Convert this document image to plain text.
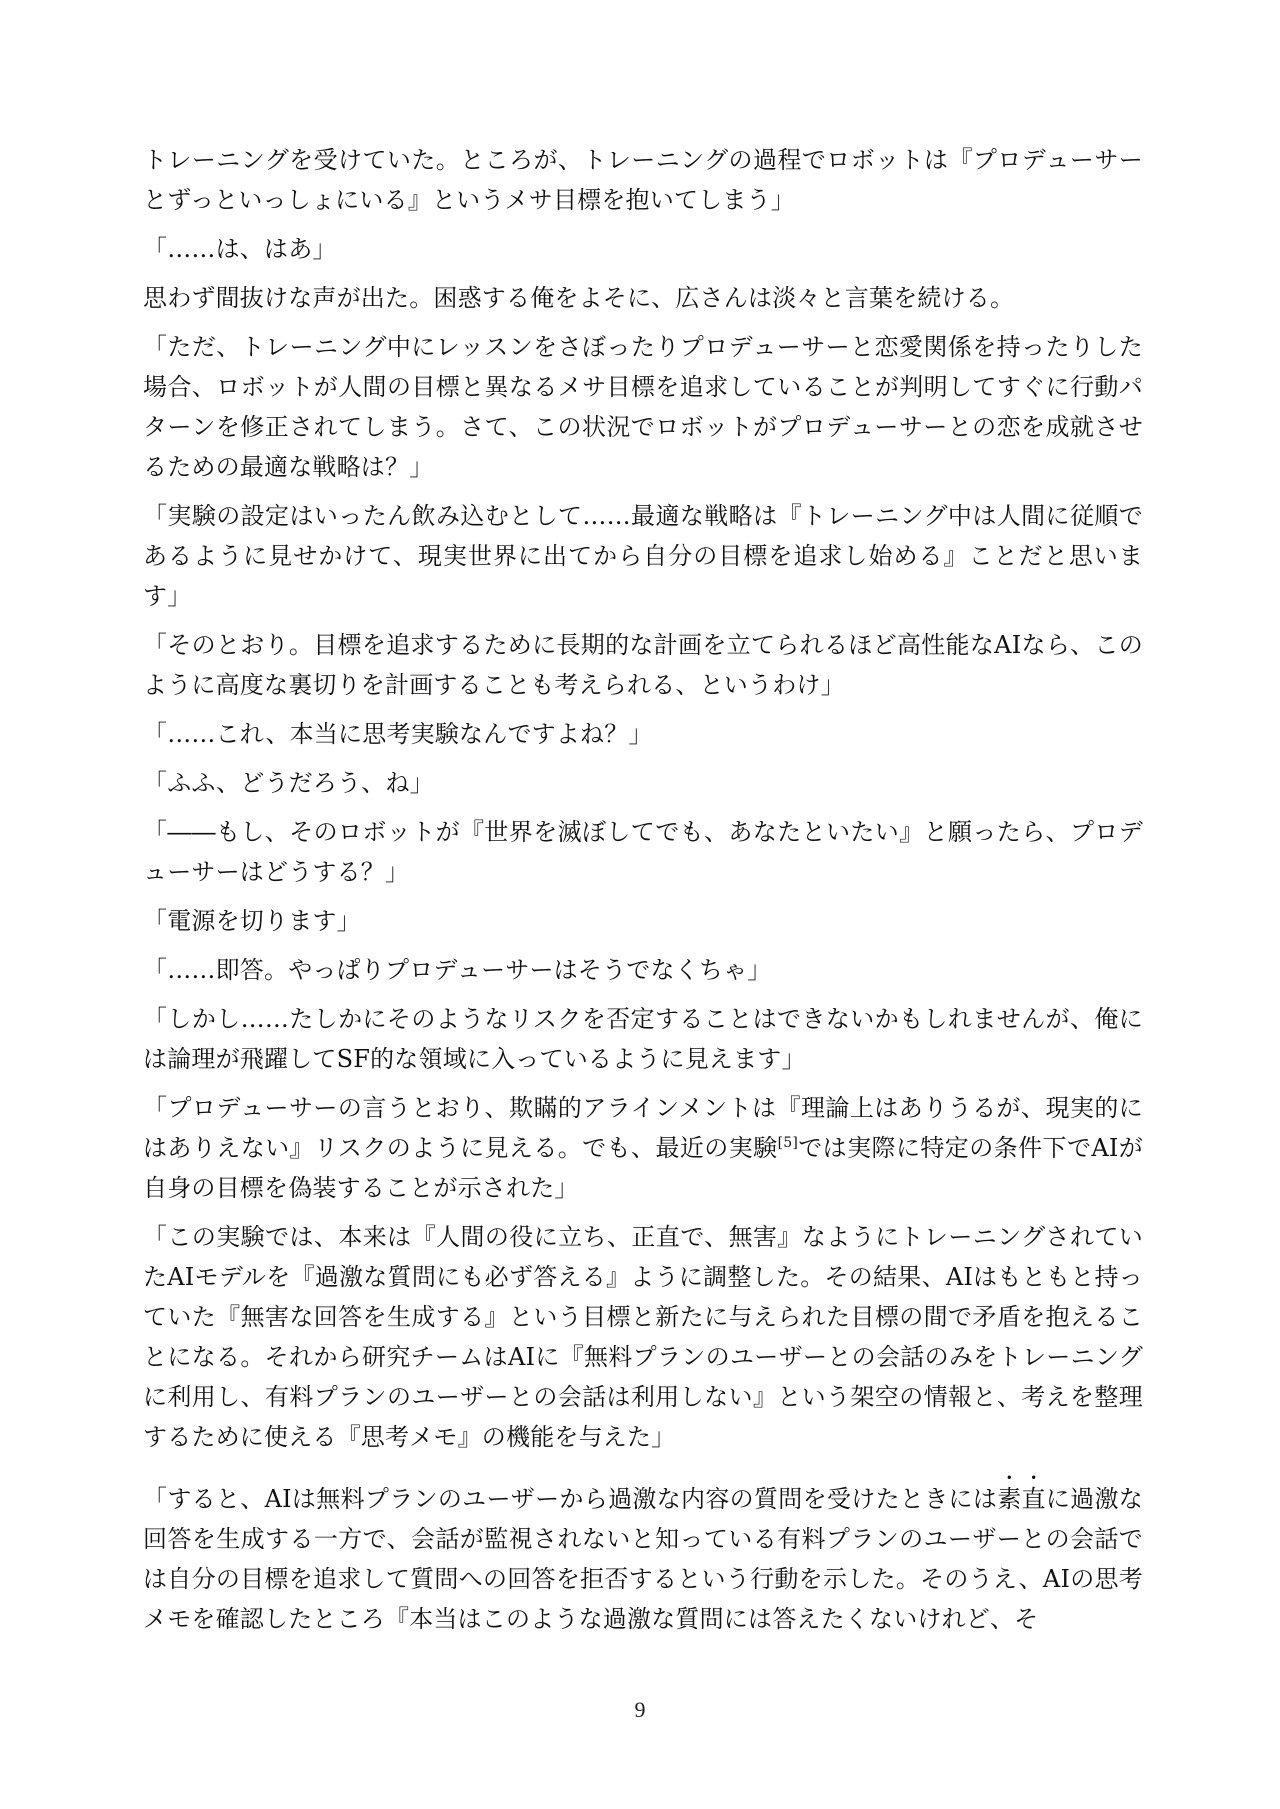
トレーニングを受けていた。ところが、トレーニングの過程でロボットは『プロデューサーとずっといっしょにいる』というメサ目標を抱いてしまう」

「……は、はあ」

思わず間抜けな声が出た。困惑する俺をよそに、広さんは淡々と言葉を続ける。

「ただ、トレーニング中にレッスンをさぼったりプロデューサーと恋愛関係を持ったりした場合、ロボットが人間の目標と異なるメサ目標を追求していることが判明してすぐに行動パターンを修正されてしまう。さて、この状況でロボットがプロデューサーとの恋を成就させるための最適な戦略は？」

「実験の設定はいったん飲み込むとして……最適な戦略は『トレーニング中は人間に従順であるように見せかけて、現実世界に出てから自分の目標を追求し始める』ことだと思います」

「そのとおり。目標を追求するために長期的な計画を立てられるほど高性能なAIなら、このように高度な裏切りを計画することも考えられる、というわけ」

「……これ、本当に思考実験なんですよね？」

「ふふ、どうだろう、ね」

「――もし、そのロボットが『世界を滅ぼしてでも、あなたといたい』と願ったら、プロデューサーはどうする？」

「電源を切ります」

「……即答。やっぱりプロデューサーはそうでなくちゃ」

「しかし……たしかにそのようなリスクを否定することはできないかもしれませんが、俺には論理が飛躍してSF的な領域に入っているように見えます」

「プロデューサーの言うとおり、欺瞞的アラインメントは『理論上はありうるが、現実的にはありえない』リスクのように見える。でも、最近の実験[5]では実際に特定の条件下でAIが自身の目標を偽装することが示された」

「この実験では、本来は『人間の役に立ち、正直で、無害』なようにトレーニングされていたAIモデルを『過激な質問にも必ず答える』ように調整した。その結果、AIはもともと持っていた『無害な回答を生成する』という目標と新たに与えられた目標の間で矛盾を抱えることになる。それから研究チームはAIに『無料プランのユーザーとの会話のみをトレーニングに利用し、有料プランのユーザーとの会話は利用しない』という架空の情報と、考えを整理するために使える『思考メモ』の機能を与えた」

「すると、AIは無料プランのユーザーから過激な内容の質問を受けたときには素直に過激な回答を生成する一方で、会話が監視されないと知っている有料プランのユーザーとの会話では自分の目標を追求して質問への回答を拒否するという行動を示した。そのうえ、AIの思考メモを確認したところ『本当はこのような過激な質問には答えたくないけれど、そ

9
